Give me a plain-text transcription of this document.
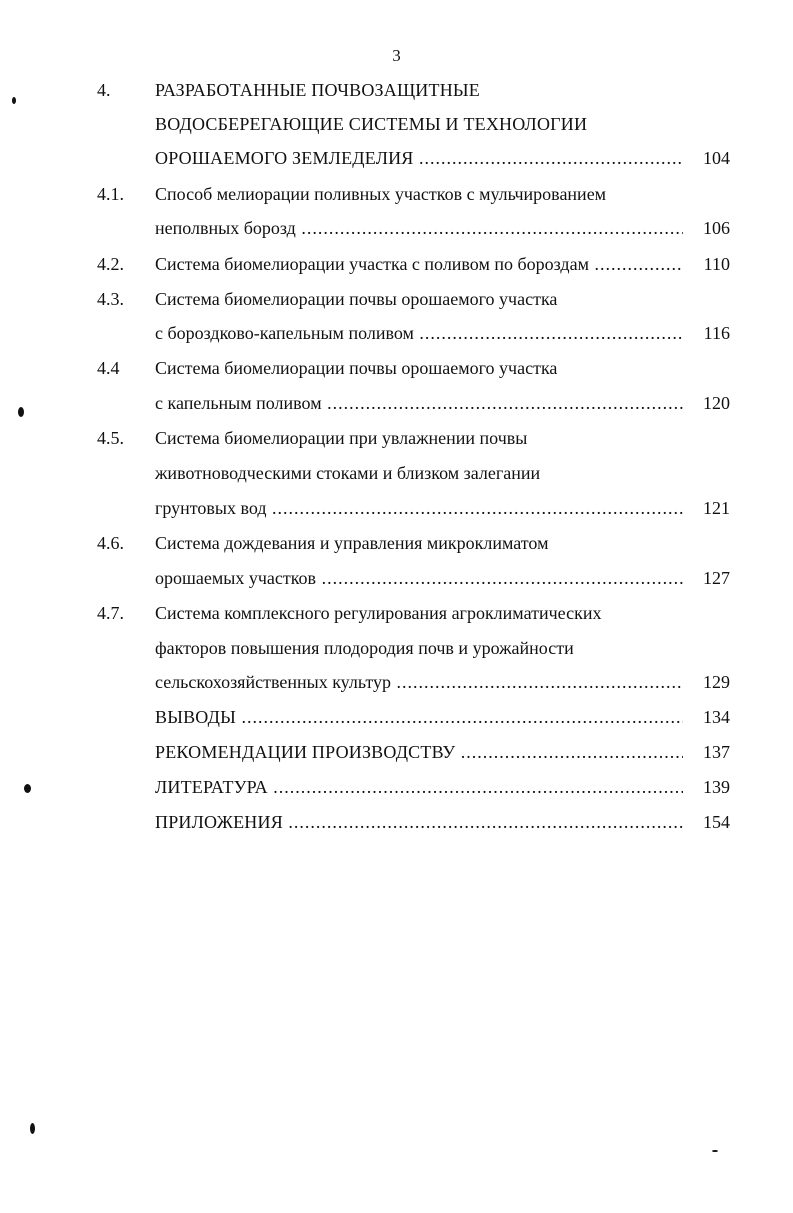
3
4. РАЗРАБОТАННЫЕ ПОЧВОЗАЩИТНЫЕ
ВОДОСБЕРЕГАЮЩИЕ СИСТЕМЫ И ТЕХНОЛОГИИ
ОРОШАЕМОГО ЗЕМЛЕДЕЛИЯ .....	104
4.1. Способ мелиорации поливных участков с мульчированием
неполвных борозд .....	106
4.2. Система биомелиорации участка с поливом по бороздам .....	110
4.3. Система биомелиорации почвы орошаемого участка
с бороздково-капельным поливом .....	116
4.4 Система биомелиорации почвы орошаемого участка
с капельным поливом .....	120
4.5. Система биомелиорации при увлажнении почвы
животноводческими стоками и близком залегании
грунтовых вод .....	121
4.6. Система дождевания и управления микроклиматом
орошаемых участков .....	127
4.7. Система комплексного регулирования агроклиматических
факторов повышения плодородия почв и урожайности
сельскохозяйственных культур .....	129
ВЫВОДЫ .....	134
РЕКОМЕНДАЦИИ ПРОИЗВОДСТВУ .....	137
ЛИТЕРАТУРА .....	139
ПРИЛОЖЕНИЯ .....	154
